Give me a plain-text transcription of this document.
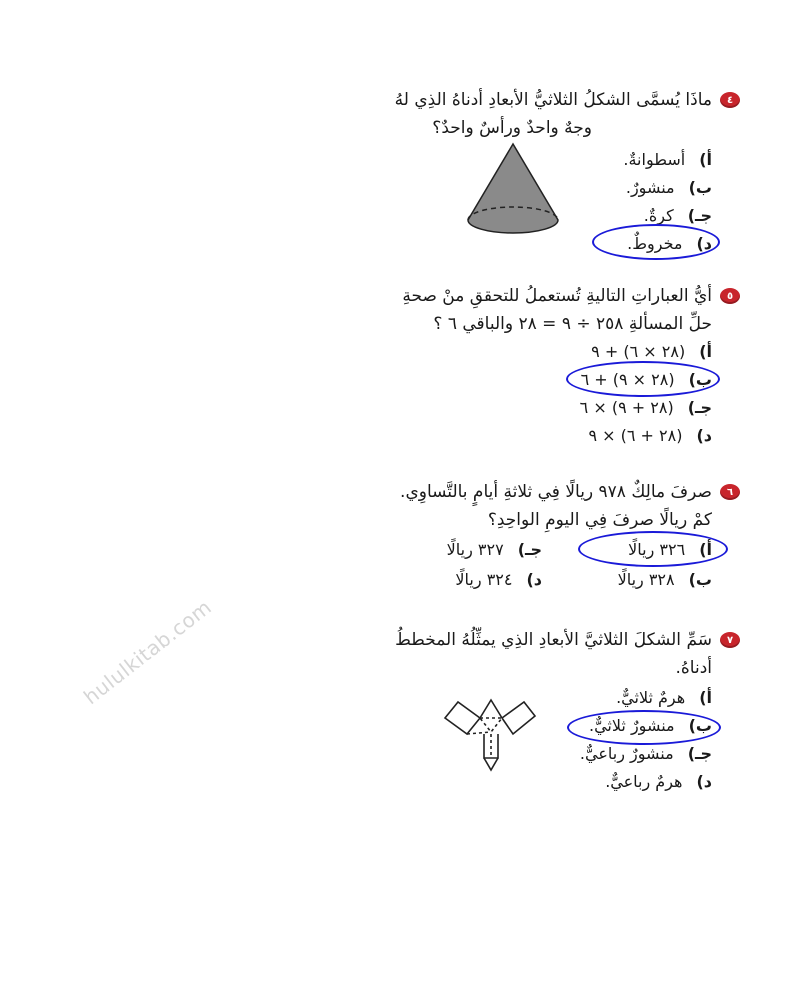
hulul‍kitab.com
٤
ماذَا يُسمَّى الشكلُ الثلاثيُّ الأبعادِ أدناهُ الذِي لهُ
وجهٌ واحدٌ ورأسٌ واحدٌ؟
أ)أسطوانةٌ.
ب)منشورٌ.
جـ)كرةٌ.
د)مخروطٌ.
٥
أيُّ العباراتِ التاليةِ تُستعملُ للتحققِ منْ صحةِ
حلِّ المسألةِ ٢٥٨ ÷ ٩ = ٢٨ والباقي ٦ ؟
أ)(٢٨ × ٦) + ٩
ب)(٢٨ × ٩) + ٦
جـ)(٢٨ + ٩) × ٦
د)(٢٨ + ٦) × ٩
٦
صرفَ مالِكٌ ٩٧٨ ريالًا فِي ثلاثةِ أيامٍ بالتَّساوِي.
كمْ ريالًا صرفَ فِي اليومِ الواحِدِ؟
أ)٣٢٦ ريالًا
جـ)٣٢٧ ريالًا
ب)٣٢٨ ريالًا
د)٣٢٤ ريالًا
٧
سَمِّ الشكلَ الثلاثيَّ الأبعادِ الذِي يمثِّلُهُ المخططُ
أدناهُ.
أ)هرمٌ ثلاثيٌّ.
ب)منشورٌ ثلاثيٌّ.
جـ)منشورٌ رباعيٌّ.
د)هرمٌ رباعيٌّ.
